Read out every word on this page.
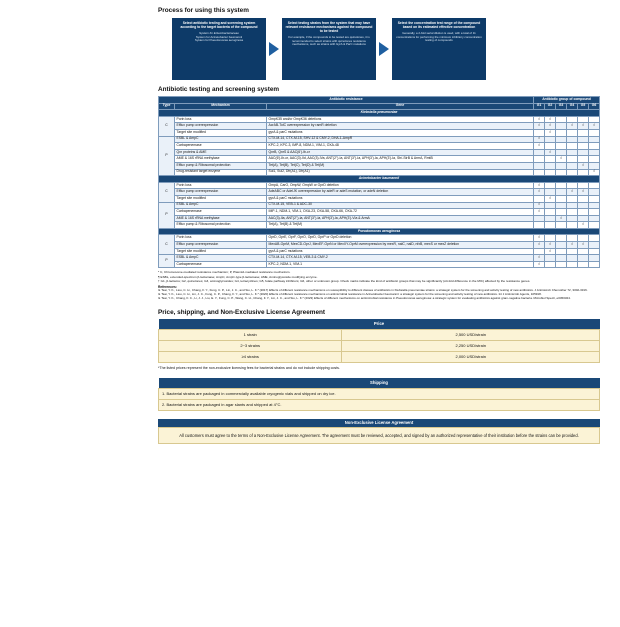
Process for using this system
Select antibiotic testing and screening system according to the target bacteria of the compound
System for Enterobacteriaceae
System for Acinetobacter baumannii
System for Pseudomonas aeruginosa
Select testing strains from the system that may have relevant resistance mechanisms against the compound to be tested
For example, if the compounds to be tested are quinolones, it is recommended to select strains with quinolones resistance mechanisms, such as strains with GyrA & ParC mutations
Select the concentration test range of the compound based on its estimated effective concentration
Generally, a 2-fold serial dilution is used, with a total of 11 concentrations for performing the minimum inhibitory concentration testing of compounds
Antibiotic testing and screening system
Antibiotic resistance			Antibiotic group of compound					
Type	Mechanism	Gene	G1	G2	G3	G4	G5	G6
Klebsiella pneumoniae								
C	Porin loss	OmpK35 and/or OmpK36 deletions	√	√				
	Efflux pump overexpression	AcrAB-TolC overexpression by ramR deletion	√	√		√	√	√
	Target site modified	gyrA & parC mutations		√				
P	ESBL & AmpC	CTX-M-14, CTX-M-15, SHV-12 & CMY-2, DHA-1-AmpR	√					
	Carbapenemase	KPC-2, KPC-3, IMP-8, NDM-1, VIM-1, OXA-48	√					
	Qnr proteins & AME	QnrB, QnrS & AAC(6')-Ib-cr		√				
	AME & 16S rRNA methylase	AAC(6')-Ib-cr, AAC(3)-IId, AAC(3)-IVa, ANT(2'')-Ia, ANT(3'')-Ia, APH(3')-Ia, APH(3')-Ia, Str/-StrB & ArmA, RmtB			√			
	Efflux pump & Ribosomal protection	Tet(A), Tet(B), Tet(C), Tet(D) & Tet(M)					√	
	Drug-resistant target enzyme	Sul1, Sul2, Dfr(A1), Dfr(A1)						√
Acinetobacter baumannii								
C	Porin loss	OmpA, CarO, OmpW, OmpW or OprD deletion	√					
	Efflux pump overexpression	AdeABC or AdeIJK overexpression by adeR or adeS mutation, or adeN deletion	√			√	√	
	Target site modified	gyrA & parC mutations		√				
P	ESBL & AmpC	CTX-M-15, VEB-1 & ADC-30	√					
	Carbapenemase	IMP-1, NDM-1, VIM-1, OXA-23, OXA-58, OXA-66, OXA-72	√					
	AME & 16S rRNA methylase	AAC(3)-IIa, ANT(2'')-Ia, ANT(3'')-Ia, APH(3')-Ia, APH(3')-VIa & ArmA			√			
	Efflux pump & Ribosomal protection	Tet(A), Tet(B) & Tet(M)					√	
Pseudomonas aeruginosa								
C	Porin loss	OprD, OprE, OprF, OprO, OprD, OprP or OprD deletion	√					
	Efflux pump overexpression	MexAB-OprM, MexCD-OprJ, MexEF-OprN or MexXY-OprM overexpression by mexR, nalC, nalD, nfxB, mexS or mexZ deletion	√	√		√	√	
	Target site modified	gyrA & parC mutations		√				
P	ESBL & AmpC	CTX-M-14, CTX-M-15, VEB-3 & CMY-2	√					
	Carbapenemase	KPC-2, NDM-1, VIM-1	√					
* C, Chromosome-mediated resistance mechanism; P, Plasmid-mediated resistance mechanism.
¶ ESBL, extended-spectrum β-lactamase; AmpC, AmpC-type β-lactamase; AME, Aminoglycoside modifying enzyme.
† G1, β-lactams; G2, quinolones; G3, aminoglycosides; G4, tetracyclines; G5, folate pathway inhibitors; G6, other or unknown group. Check marks indicate the kind of antibiotic groups that may be significantly (≥4-fold difference in the MIC) affected by the resistance genes.
References:
➤ Tsai, Y. K., Liou, C. H., Chang, F. Y., Fung, C. P., Lin, J. C., and Siu, L. K.* (2017) Effects of different resistance mechanisms on susceptibility to different classes of antibiotics in Klebsiella pneumoniae strains: a strategic system for the screening and activity testing of new antibiotics. J Antimicrob Chemother 72, 3302-3316.
➤ Tsai, Y. K., Liou, C. H., Lin, J. C., Fung, C. P., Chang, F. Y., and Siu, L. K.* (2020) Effects of different resistance mechanisms on antimicrobial resistance in Acinetobacter baumannii: a strategic system for the screening and activity testing of new antibiotics. Int J Antimicrob Agents, 105918.
➤ Tsai, Y. K., Chang, F. C., Li, J. J., Liu, E. Y., Fung, C. P., Wang, C. H., Chang, F. Y., Lin, J. C., and Siu, L. K.* (2023) Effects of different mechanisms on antimicrobial resistance in Pseudomonas aeruginosa: a strategic system for evaluating antibiotics against gram-negative bacteria. Microbiol Spectr, e0450324.
Price, shipping, and Non-Exclusive License Agreement
Price	
1 strain	2,500 USD/strain
2~3 strains	2,250 USD/strain
≥4 strains	2,000 USD/strain
*The listed prices represent the non-exclusive licensing fees for bacterial strains and do not include shipping costs.
Shipping
1. Bacterial strains are packaged in commercially available cryogenic vials and shipped on dry ice.
2. Bacterial strains are packaged in agar slants and shipped at 4°C.
Non-Exclusive License Agreement
All customers must agree to the terms of a Non-Exclusive License Agreement. The agreement must be reviewed, accepted, and signed by an authorized representative of their institution before the strains can be provided.
